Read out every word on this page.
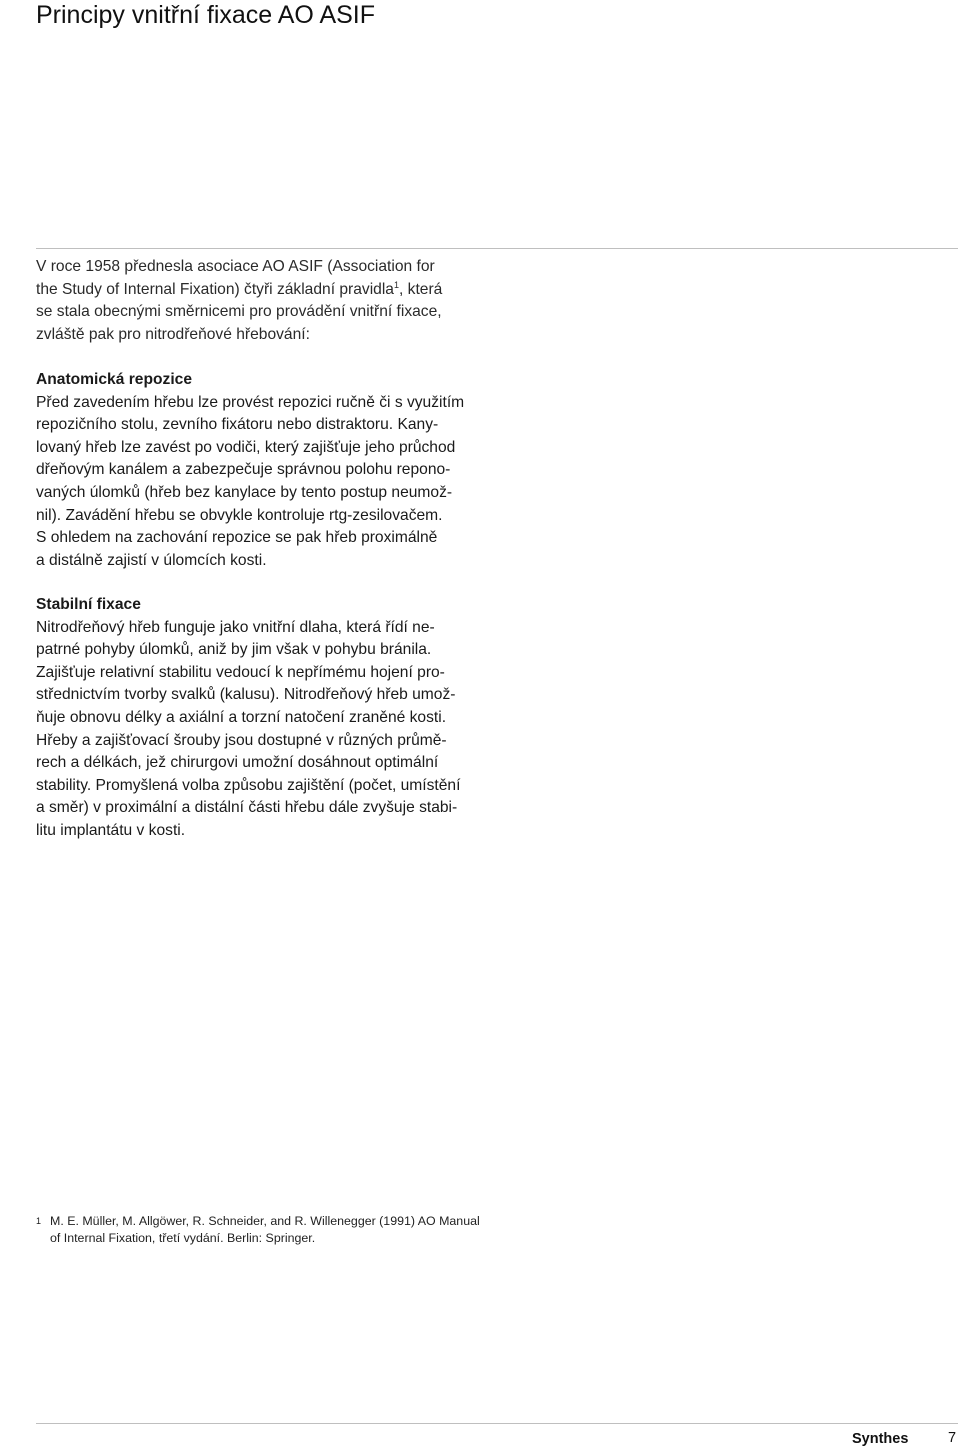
Principy vnitřní fixace AO ASIF
V roce 1958 přednesla asociace AO ASIF (Association for
the Study of Internal Fixation) čtyři základní pravidla$^1$, která
se stala obecnými směrnicemi pro provádění vnitřní fixace,
zvláště pak pro nitrodřeňové hřebování:
Anatomická repozice
Před zavedením hřebu lze provést repozici ručně či s využitím
repozičního stolu, zevního fixátoru nebo distraktoru. Kany-
lovaný hřeb lze zavést po vodiči, který zajišťuje jeho průchod
dřeňovým kanálem a zabezpečuje správnou polohu repono-
vaných úlomků (hřeb bez kanylace by tento postup neumož-
nil). Zavádění hřebu se obvykle kontroluje rtg-zesilovačem.
S ohledem na zachování repozice se pak hřeb proximálně
a distálně zajistí v úlomcích kosti.
Stabilní fixace
Nitrodřeňový hřeb funguje jako vnitřní dlaha, která řídí ne-
patrné pohyby úlomků, aniž by jim však v pohybu bránila.
Zajišťuje relativní stabilitu vedoucí k nepřímému hojení pro-
střednictvím tvorby svalků (kalusu). Nitrodřeňový hřeb umož-
ňuje obnovu délky a axiální a torzní natočení zraněné kosti.
Hřeby a zajišťovací šrouby jsou dostupné v různých průmě-
rech a délkách, jež chirurgovi umožní dosáhnout optimální
stability. Promyšlená volba způsobu zajištění (počet, umístění
a směr) v proximální a distální části hřebu dále zvyšuje stabi-
litu implantátu v kosti.
1 M. E. Müller, M. Allgöwer, R. Schneider, and R. Willenegger (1991) AO Manual
of Internal Fixation, třetí vydání. Berlin: Springer.
Synthes	7
